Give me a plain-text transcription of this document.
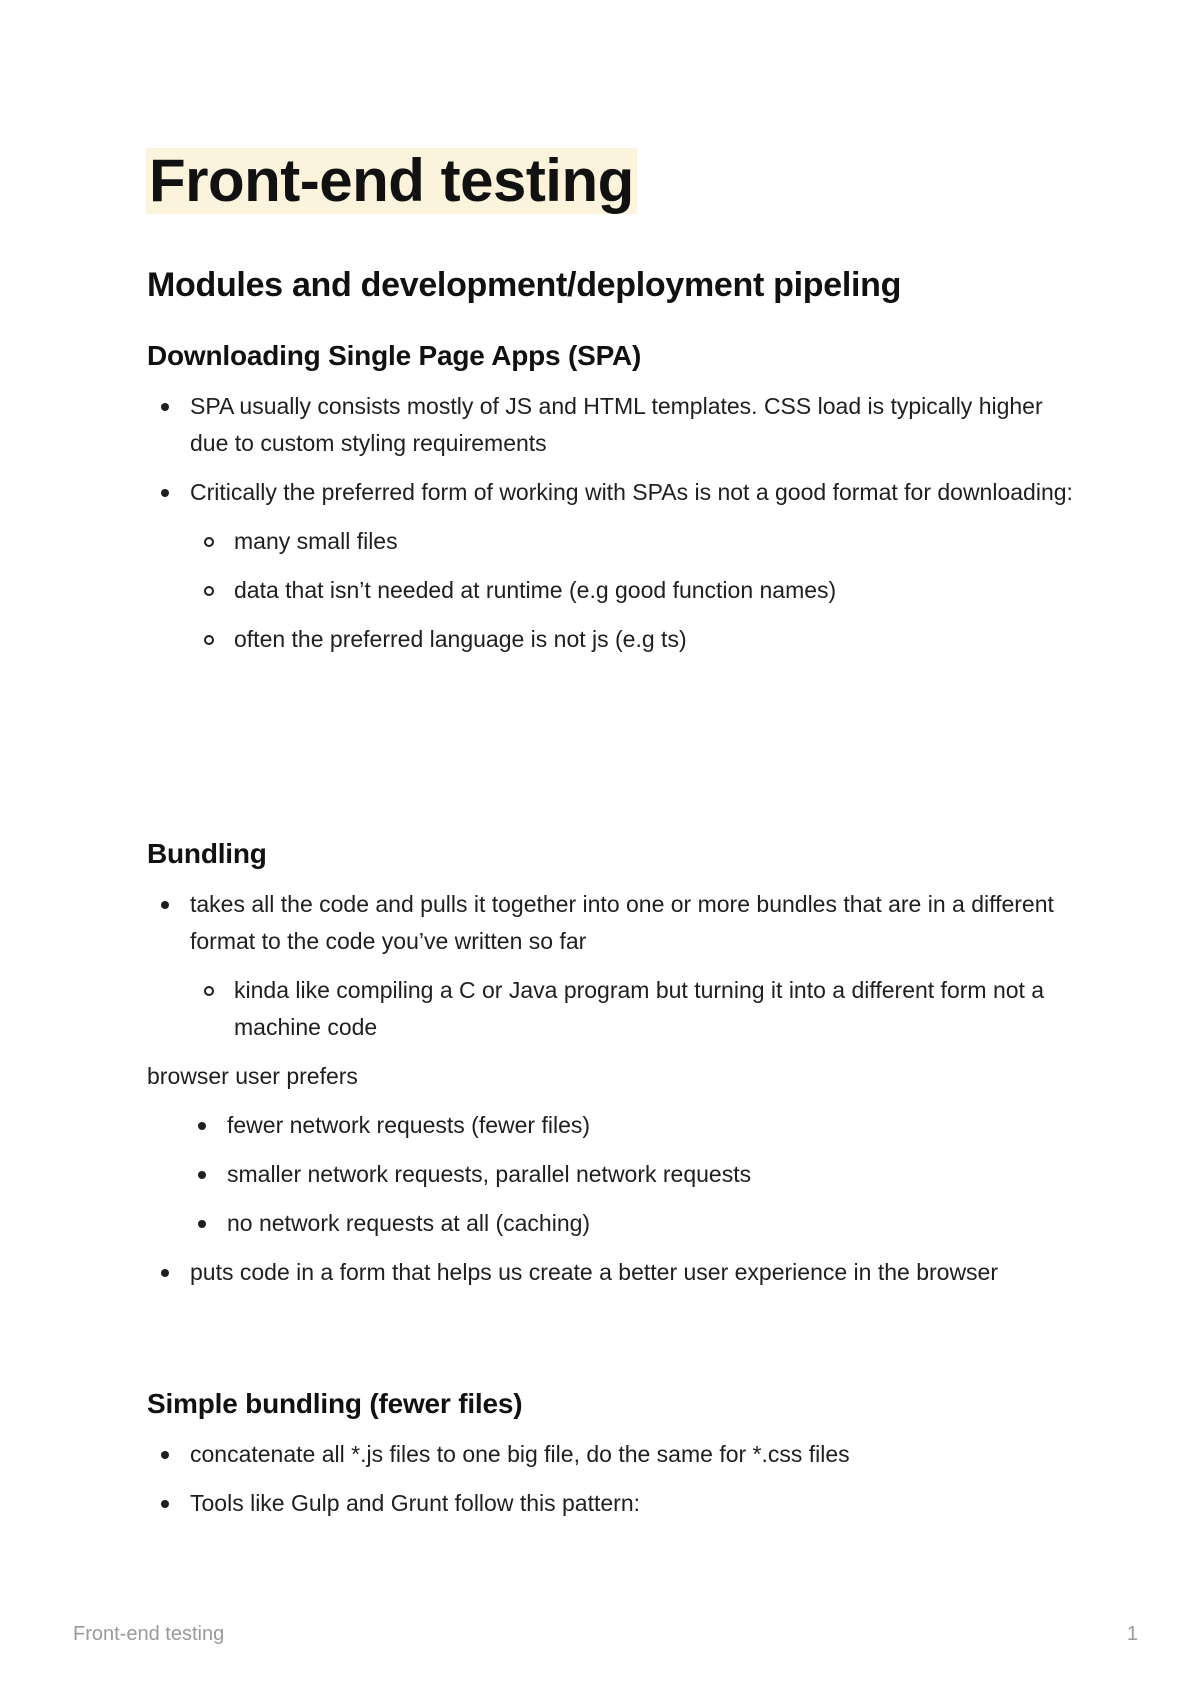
Front-end testing
Modules and development/deployment pipeling
Downloading Single Page Apps (SPA)
SPA usually consists mostly of JS and HTML templates. CSS load is typically higher due to custom styling requirements
Critically the preferred form of working with SPAs is not a good format for downloading:
many small files
data that isn’t needed at runtime (e.g good function names)
often the preferred language is not js (e.g ts)
Bundling
takes all the code and pulls it together into one or more bundles that are in a different format to the code you’ve written so far
kinda like compiling a C or Java program but turning it into a different form not a machine code
browser user prefers
fewer network requests (fewer files)
smaller network requests, parallel network requests
no network requests at all (caching)
puts code in a form that helps us create a better user experience in the browser
Simple bundling (fewer files)
concatenate all *.js files to one big file, do the same for *.css files
Tools like Gulp and Grunt follow this pattern:
Front-end testing	1
